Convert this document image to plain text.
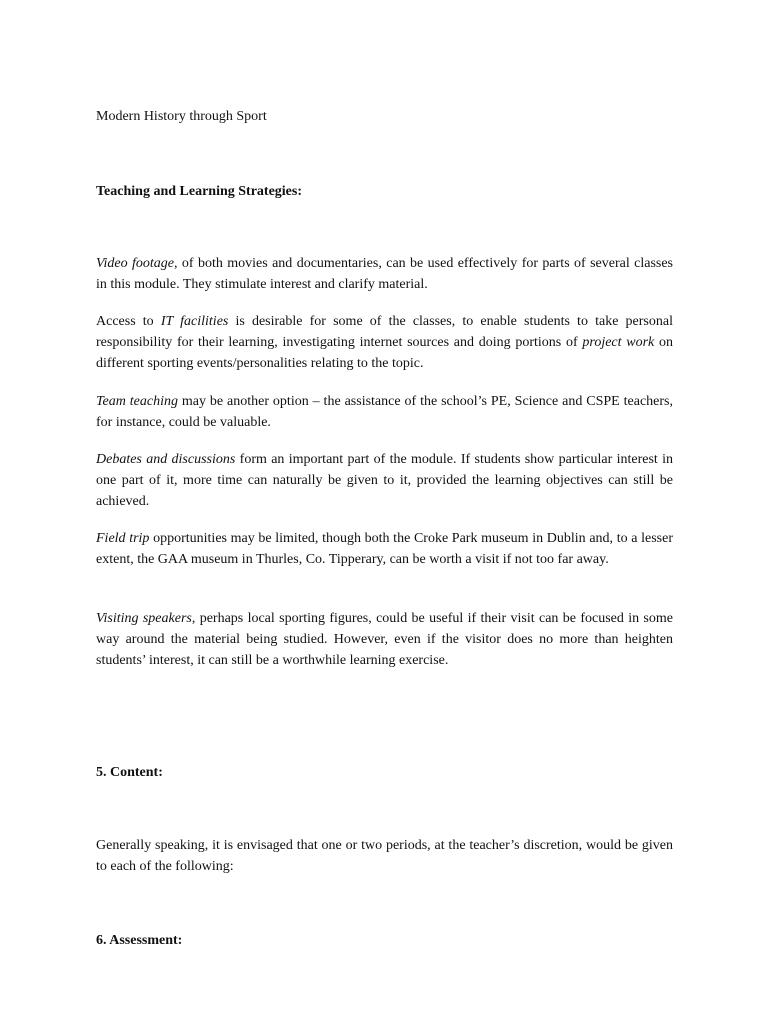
Modern History through Sport

Teaching and Learning Strategies:

Video footage, of both movies and documentaries, can be used effectively for parts of several classes in this module. They stimulate interest and clarify material.

Access to IT facilities is desirable for some of the classes, to enable students to take personal responsibility for their learning, investigating internet sources and doing portions of project work on different sporting events/personalities relating to the topic.

Team teaching may be another option – the assistance of the school’s PE, Science and CSPE teachers, for instance, could be valuable.

Debates and discussions form an important part of the module. If students show particular interest in one part of it, more time can naturally be given to it, provided the learning objectives can still be achieved.

Field trip opportunities may be limited, though both the Croke Park museum in Dublin and, to a lesser extent, the GAA museum in Thurles, Co. Tipperary, can be worth a visit if not too far away.

Visiting speakers, perhaps local sporting figures, could be useful if their visit can be focused in some way around the material being studied. However, even if the visitor does no more than heighten students’ interest, it can still be a worthwhile learning exercise.

5. Content:

Generally speaking, it is envisaged that one or two periods, at the teacher’s discretion, would be given to each of the following:

6. Assessment:
